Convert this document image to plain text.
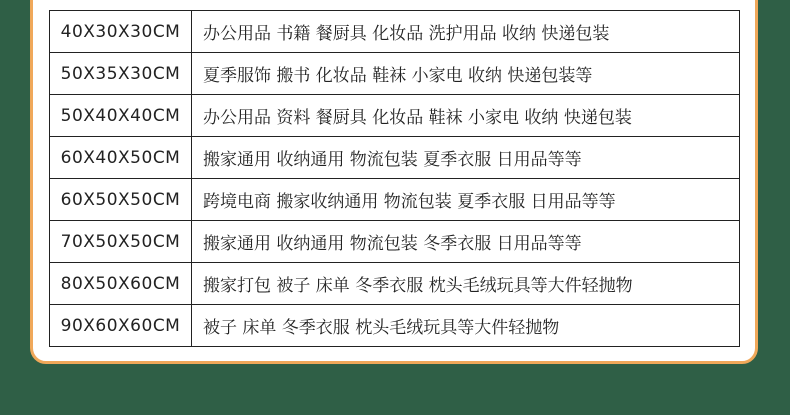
40X30X30CM	办公用品 书籍 餐厨具 化妆品 洗护用品 收纳 快递包装
50X35X30CM	夏季服饰 搬书 化妆品 鞋袜 小家电 收纳 快递包装等
50X40X40CM	办公用品 资料 餐厨具 化妆品 鞋袜 小家电 收纳 快递包装
60X40X50CM	搬家通用 收纳通用 物流包装 夏季衣服 日用品等等
60X50X50CM	跨境电商 搬家收纳通用 物流包装 夏季衣服 日用品等等
70X50X50CM	搬家通用 收纳通用 物流包装 冬季衣服 日用品等等
80X50X60CM	搬家打包 被子 床单 冬季衣服 枕头毛绒玩具等大件轻抛物
90X60X60CM	被子 床单 冬季衣服 枕头毛绒玩具等大件轻抛物
